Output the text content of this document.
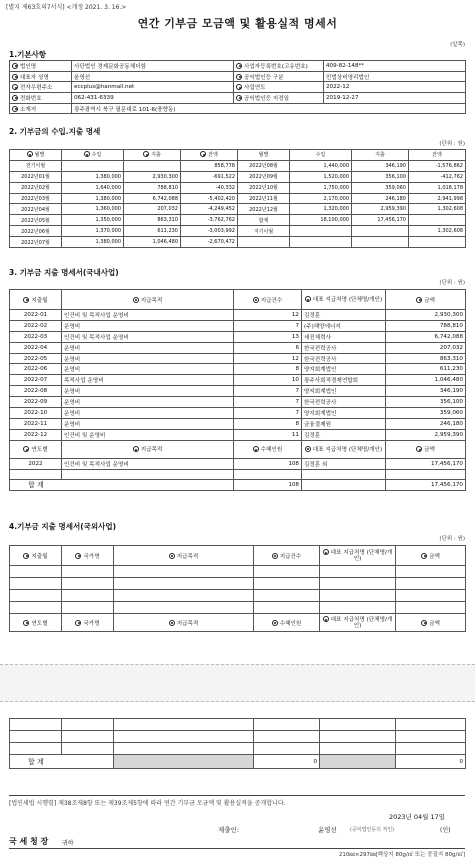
[별지 제63호의7서식] <개정 2021. 3. 16.>
연간 기부금 모금액 및 활용실적 명세서
(앞쪽)
1.기본사항
법인명	사단법인 경제문화공동체더함	사업자등록번호(고유번호)	409-82-148**
대표자 성명	윤영선	공익법인등 구분	민법상비영리법인
전자우편주소	eccplus@hanmail.net	사업연도	2022-12
전화번호	062-431-6339	공익법인등 지정일	2019-12-27
소재지	광주광역시 북구 필문대로 101-6(풍향동)		
2. 기부금의 수입.지출 명세
(단위 : 원)
월별	수입	지출	잔액	월별	수입	지출	잔액
전기이월			858,778	2022년08월	1,440,000	346,190	-1,576,862
2022년01월	1,380,000	2,930,300	-691,522	2022년09월	1,520,000	356,100	-412,762
2022년02월	1,640,000	788,810	-40,332	2022년10월	1,750,000	359,060	1,018,178
2022년03월	1,380,000	6,742,088	-5,402,420	2022년11월	2,170,000	246,180	2,941,998
2022년04월	1,360,000	207,032	-4,249,452	2022년12월	1,320,000	2,959,390	1,302,608
2022년05월	1,350,000	863,310	-3,762,762	합계	18,100,000	17,456,170	
2022년06월	1,370,000	611,230	-3,003,992	지기이월			1,302,608
2022년07월	1,380,000	1,046,480	-2,670,472				
3. 기부금 지출 명세서(국내사업)
(단위 : 원)
지출월	지급목적	지급건수	대표 지급처명 (단체명/개인)	금액
2022-01	인건비 및 목적사업 운영비	12	김정훈	2,930,300
2022-02	운영비	7	(주)해양에너지	788,810
2022-03	인건비 및 목적사업 운영비	13	세진체력사	6,742,088
2022-04	운영비	6	한국전력공사	207,032
2022-05	운영비	12	한국전력공사	863,310
2022-06	운영비	8	양지회계법인	611,230
2022-07	목적사업 운영비	10	광주사회적경제연합회	1,046,480
2022-08	운영비	7	양지회계법인	346,190
2022-09	운영비	7	한국전력공사	356,100
2022-10	운영비	7	양지회계법인	359,060
2022-11	운영비	8	금융결제원	246,180
2022-12	인건비 및 운영비	11	김정훈	2,959,390
연도별	지급목적	수혜인원	대표 지급처명 (단체명/개인)	금액
2022	인건비 및 목적사업 운영비	108	김정훈 외	17,456,170

합 계		108		17,456,170
4.기부금 지출 명세서(국외사업)
(단위 : 원)
지출월	국가명	지급목적	지급건수	대표 지급처명 (단체명/개인)	금액

연도별	국가명	지급목적	수혜인원	대표 지급처명 (단체명/개인)	금액

합 계			0		0
[법인세법 시행령] 제38조제8항 또는 제39조제5항에 따라 연간 기부금 모금액 및 활용실적을 공개합니다.
2023년 04월 17일
제출인:	윤영선	(공익법인등의 직인)	(인)
국 세 청 장 귀하
210㎜×297㎜[백상지 80g/㎡ 또는 중질지 80g/㎡]
